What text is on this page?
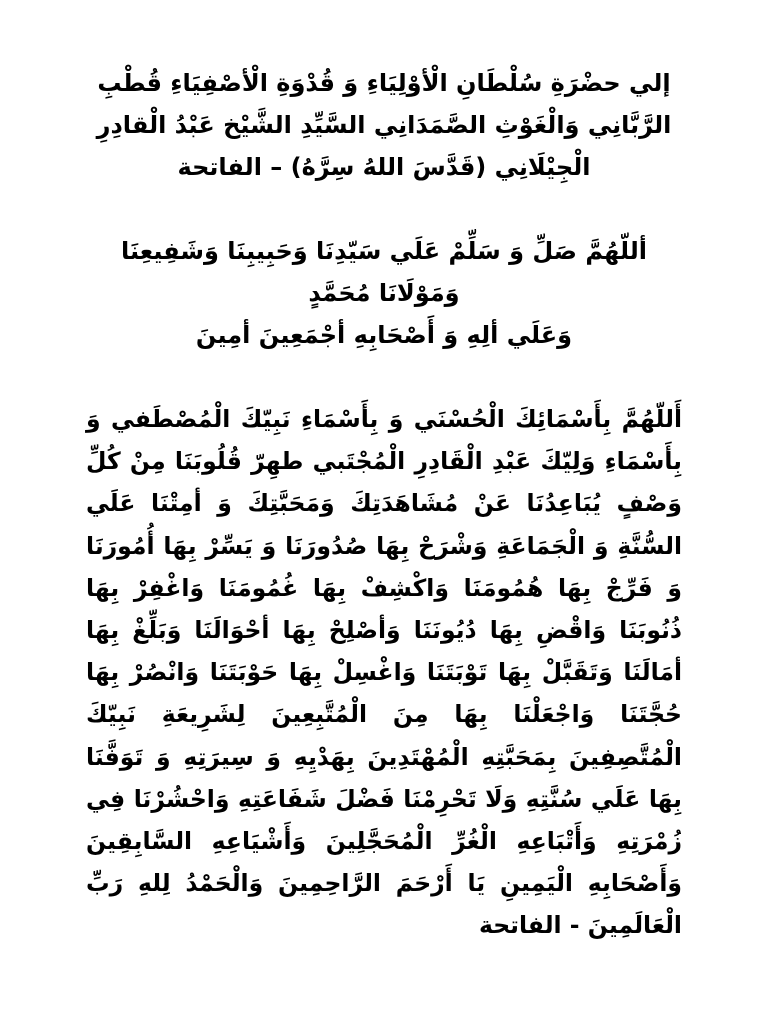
إلي حضْرَةِ سُلْطَانِ الْأوْلِيَاءِ وَ قُدْوَةِ الْأصْفِيَاءِ قُطْبِ الرَّبَّانِي وَالْغَوْثِ الصَّمَدَانِي السَّيِّدِ الشَّيْخ عَبْدُ الْقادِرِ الْجِيْلَانِي (قَدَّسَ اللهُ سِرَّهُ) – الفاتحة

أللّهُمَّ صَلِّ وَ سَلِّمْ عَلَي سَيّدِنَا وَحَبِيبِنَا وَشَفِيعِنَا وَمَوْلَانَا مُحَمَّدٍ

وَعَلَي ألِهِ وَ أَصْحَابِهِ أجْمَعِينَ أمِينَ

أَللّهُمَّ بِأَسْمَائِكَ الْحُسْنَي وَ بِأَسْمَاءِ نَبِيّكَ الْمُصْطَفي وَ بِأَسْمَاءِ وَلِيّكَ عَبْدِ الْقَادِرِ الْمُجْتَبي طهِرّ قُلُوبَنَا مِنْ كُلِّ وَصْفٍ يُبَاعِدُنَا عَنْ مُشَاهَدَتِكَ وَمَحَبَّتِكَ وَ أمِتْنَا عَلَي السُّنَّةِ وَ الْجَمَاعَةِ وَشْرَحْ بِهَا صُدُورَنَا وَ يَسِّرْ بِهَا أُمُورَنَا وَ فَرِّجْ بِهَا هُمُومَنَا وَاكْشِفْ بِهَا غُمُومَنَا وَاغْفِرْ بِهَا ذُنُوبَنَا وَاقْضِ بِهَا دُيُونَنَا وَأصْلِحْ بِهَا أحْوَالَنَا وَبَلِّغْ بِهَا أمَالَنَا وَتَقَبَّلْ بِهَا تَوْبَتَنَا وَاغْسِلْ بِهَا حَوْبَتَنَا وَانْصُرْ بِهَا حُجَّتَنَا وَاجْعَلْنَا بِهَا مِنَ الْمُتَّبِعِينَ لِشَرِيعَةِ نَبِيّكَ الْمُتَّصِفِينَ بِمَحَبَّتِهِ الْمُهْتَدِينَ بِهَدْيِهِ وَ سِيرَتِهِ وَ تَوَفَّنَا بِهَا عَلَي سُنَّتِهِ وَلَا تَحْرِمْنَا فَضْلَ شَفَاعَتِهِ وَاحْشُرْنَا فِي زُمْرَتِهِ وَأَتْبَاعِهِ الْغُرِّ الْمُحَجَّلِينَ وَأَشْيَاعِهِ السَّابِقِينَ وَأَصْحَابِهِ الْيَمِينِ يَا أَرْحَمَ الرَّاحِمِينَ وَالْحَمْدُ لِلهِ رَبِّ الْعَالَمِينَ - الفاتحة
